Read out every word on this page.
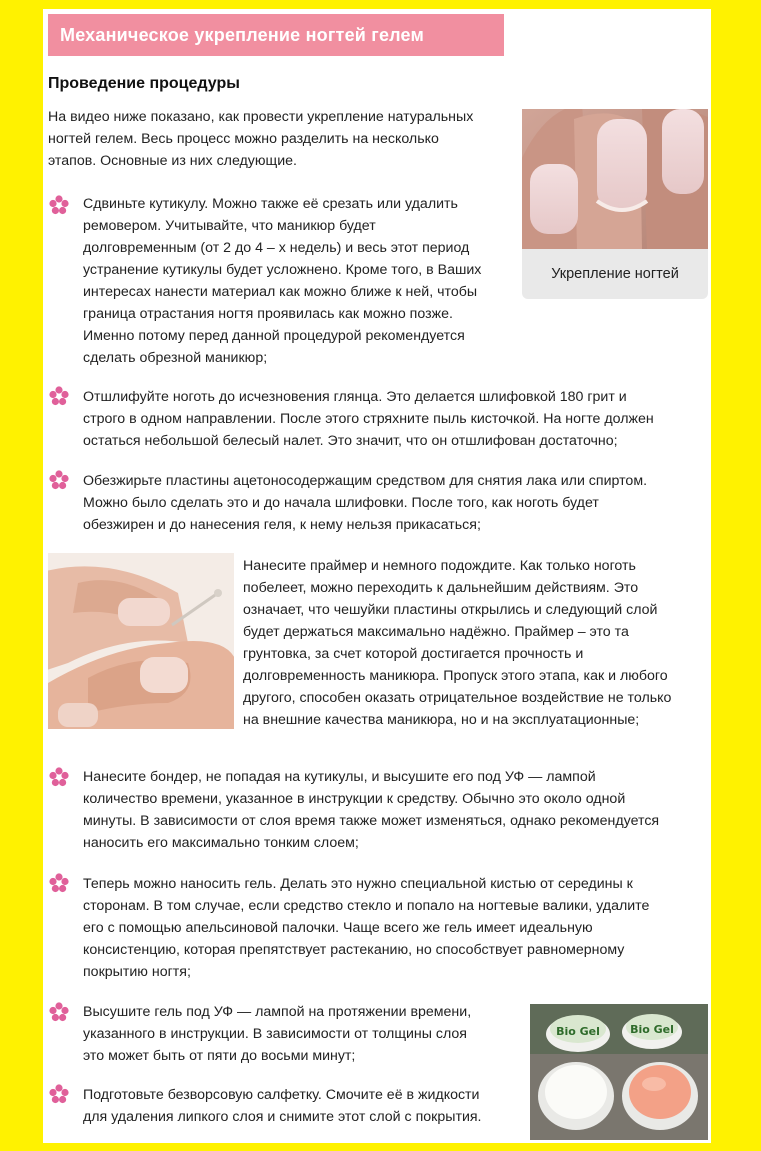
Механическое укрепление ногтей гелем
Проведение процедуры
На видео ниже показано, как провести укрепление натуральных
ногтей гелем. Весь процесс можно разделить на несколько
этапов. Основные из них следующие.
Укрепление ногтей
Сдвиньте кутикулу. Можно также её срезать или удалить
ремовером. Учитывайте, что маникюр будет
долговременным (от 2 до 4 – х недель) и весь этот период
устранение кутикулы будет усложнено. Кроме того, в Ваших
интересах нанести материал как можно ближе к ней, чтобы
граница отрастания ногтя проявилась как можно позже.
Именно потому перед данной процедурой рекомендуется
сделать обрезной маникюр;
Отшлифуйте ноготь до исчезновения глянца. Это делается шлифовкой 180 грит и
строго в одном направлении. После этого стряхните пыль кисточкой. На ногте должен
остаться небольшой белесый налет. Это значит, что он отшлифован достаточно;
Обезжирьте пластины ацетоносодержащим средством для снятия лака или спиртом.
Можно было сделать это и до начала шлифовки. После того, как ноготь будет
обезжирен и до нанесения геля, к нему нельзя прикасаться;
Нанесите праймер и немного подождите. Как только ноготь
побелеет, можно переходить к дальнейшим действиям. Это
означает, что чешуйки пластины открылись и следующий слой
будет держаться максимально надёжно. Праймер – это та
грунтовка, за счет которой достигается прочность и
долговременность маникюра. Пропуск этого этапа, как и любого
другого, способен оказать отрицательное воздействие не только
на внешние качества маникюра, но и на эксплуатационные;
Нанесите бондер, не попадая на кутикулы, и высушите его под УФ — лампой
количество времени, указанное в инструкции к средству. Обычно это около одной
минуты. В зависимости от слоя время также может изменяться, однако рекомендуется
наносить его максимально тонким слоем;
Теперь можно наносить гель. Делать это нужно специальной кистью от середины к
сторонам. В том случае, если средство стекло и попало на ногтевые валики, удалите
его с помощью апельсиновой палочки. Чаще всего же гель имеет идеальную
консистенцию, которая препятствует растеканию, но способствует равномерному
покрытию ногтя;
Высушите гель под УФ — лампой на протяжении времени,
указанного в инструкции. В зависимости от толщины слоя
это может быть от пяти до восьми минут;
Подготовьте безворсовую салфетку. Смочите её в жидкости
для удаления липкого слоя и снимите этот слой с покрытия.
Bio Gel	Bio Gel
